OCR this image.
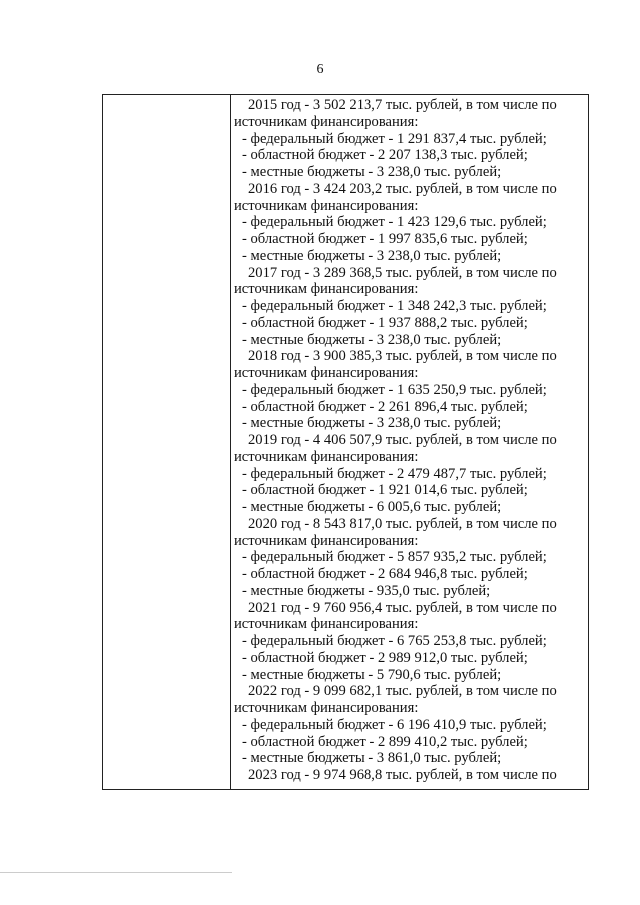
6
2015 год - 3 502 213,7 тыс. рублей, в том числе по
источникам финансирования:
- федеральный бюджет - 1 291 837,4 тыс. рублей;
- областной бюджет - 2 207 138,3 тыс. рублей;
- местные бюджеты - 3 238,0 тыс. рублей;
2016 год - 3 424 203,2 тыс. рублей, в том числе по
источникам финансирования:
- федеральный бюджет - 1 423 129,6 тыс. рублей;
- областной бюджет - 1 997 835,6 тыс. рублей;
- местные бюджеты - 3 238,0 тыс. рублей;
2017 год - 3 289 368,5 тыс. рублей, в том числе по
источникам финансирования:
- федеральный бюджет - 1 348 242,3 тыс. рублей;
- областной бюджет - 1 937 888,2 тыс. рублей;
- местные бюджеты - 3 238,0 тыс. рублей;
2018 год - 3 900 385,3 тыс. рублей, в том числе по
источникам финансирования:
- федеральный бюджет - 1 635 250,9 тыс. рублей;
- областной бюджет - 2 261 896,4 тыс. рублей;
- местные бюджеты - 3 238,0 тыс. рублей;
2019 год - 4 406 507,9 тыс. рублей, в том числе по
источникам финансирования:
- федеральный бюджет - 2 479 487,7 тыс. рублей;
- областной бюджет - 1 921 014,6 тыс. рублей;
- местные бюджеты - 6 005,6 тыс. рублей;
2020 год - 8 543 817,0 тыс. рублей, в том числе по
источникам финансирования:
- федеральный бюджет - 5 857 935,2 тыс. рублей;
- областной бюджет - 2 684 946,8 тыс. рублей;
- местные бюджеты - 935,0 тыс. рублей;
2021 год - 9 760 956,4 тыс. рублей, в том числе по
источникам финансирования:
- федеральный бюджет - 6 765 253,8 тыс. рублей;
- областной бюджет - 2 989 912,0 тыс. рублей;
- местные бюджеты - 5 790,6 тыс. рублей;
2022 год - 9 099 682,1 тыс. рублей, в том числе по
источникам финансирования:
- федеральный бюджет - 6 196 410,9 тыс. рублей;
- областной бюджет - 2 899 410,2 тыс. рублей;
- местные бюджеты - 3 861,0 тыс. рублей;
2023 год - 9 974 968,8 тыс. рублей, в том числе по
